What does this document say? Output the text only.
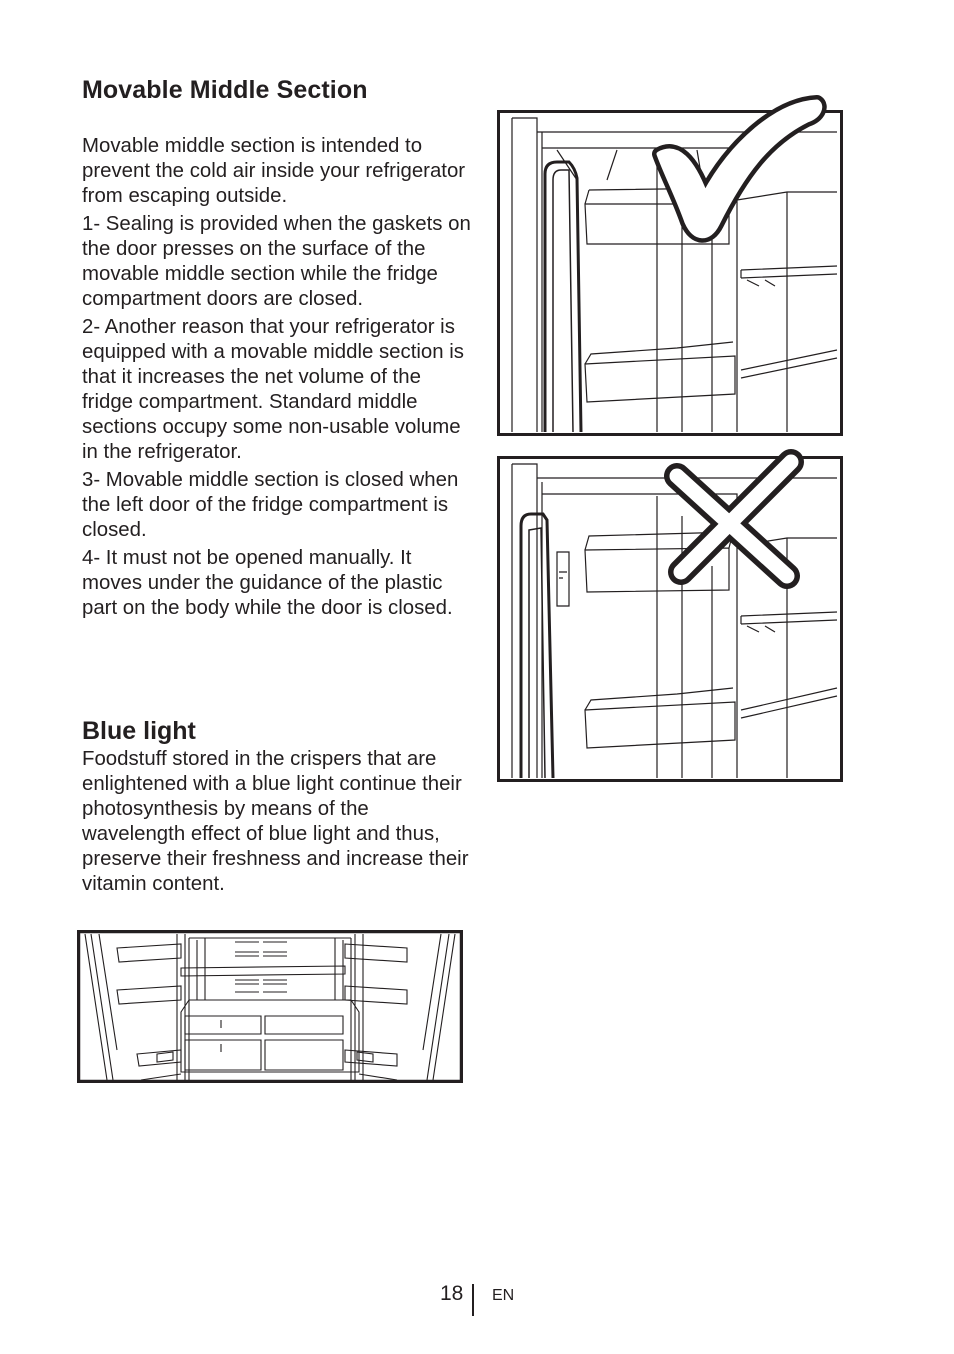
Movable Middle Section

Movable middle section is intended to prevent the cold air inside your refrigerator from escaping outside.

1- Sealing is provided when the gaskets on the door presses on the surface of the movable middle section while the fridge compartment doors are closed.

2- Another reason that your refrigerator is equipped with a movable middle section is that it increases the net volume of the fridge compartment. Standard middle sections occupy some non-usable volume in the refrigerator.

3- Movable middle section is closed when the left door of the fridge compartment is closed.

4- It must not be opened manually. It moves under the guidance of the plastic part on the body while the door is closed.

Blue light

Foodstuff stored in the crispers that are enlightened with a blue light continue their photosynthesis by means of the wavelength effect of blue light and thus, preserve their freshness and increase their vitamin content.

18 EN
